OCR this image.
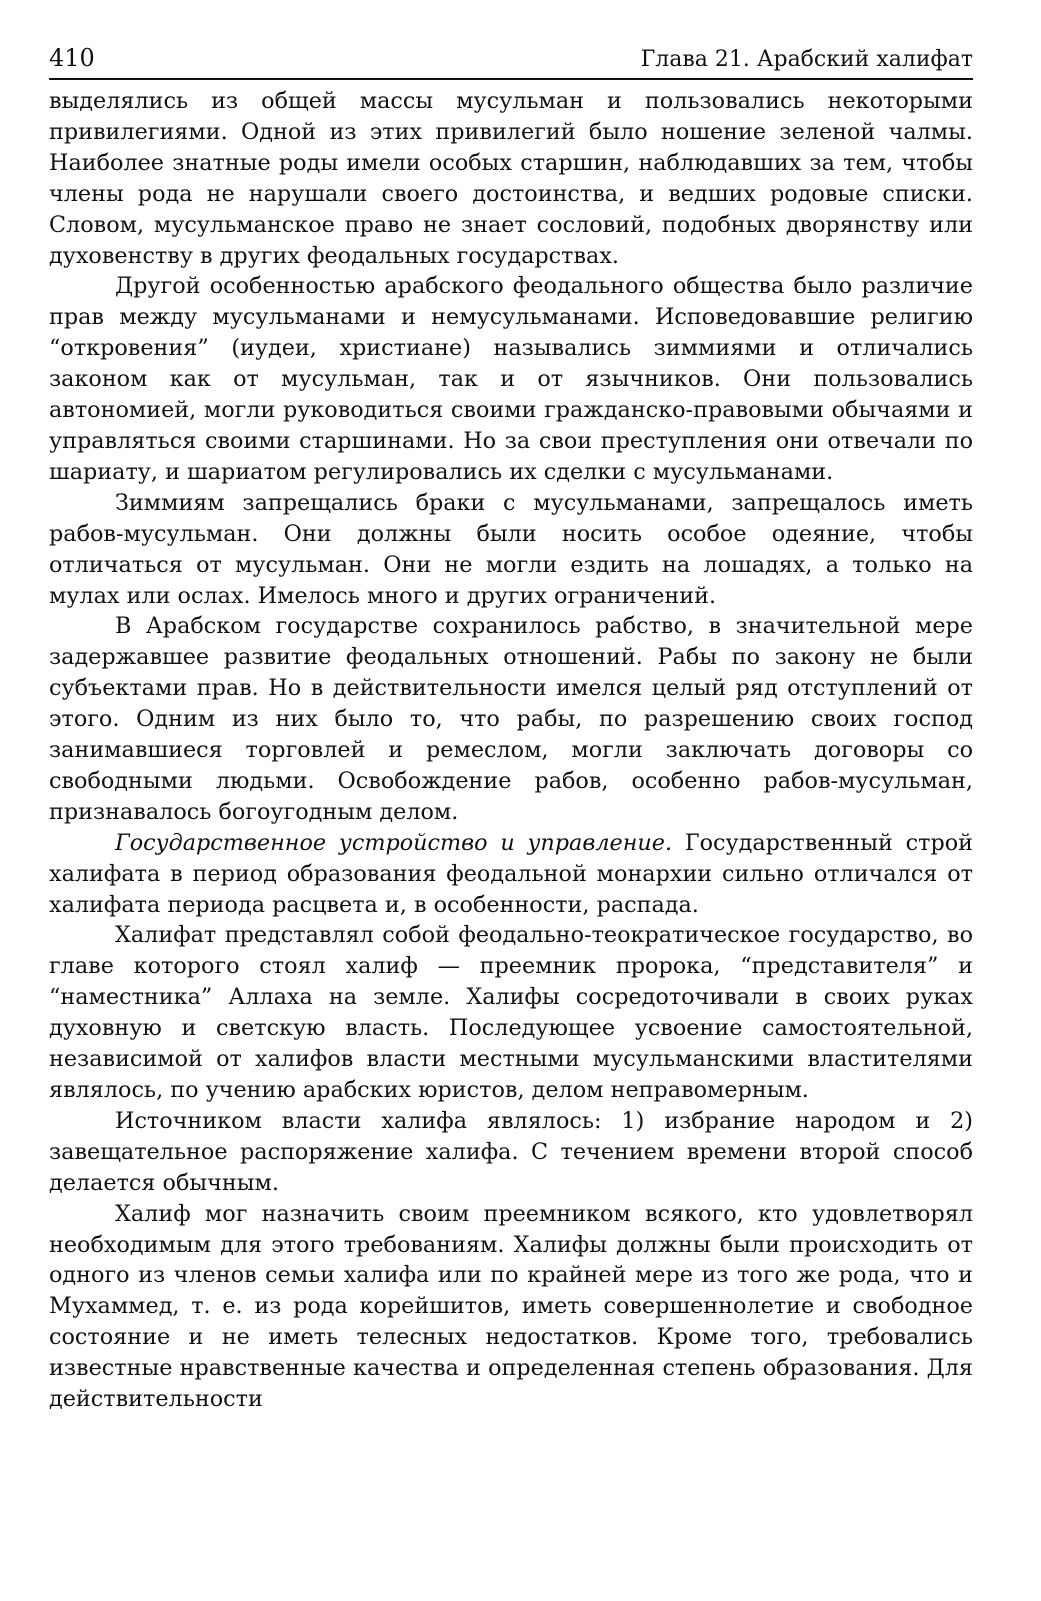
410	Глава 21. Арабский халифат

выделялись из общей массы мусульман и пользовались некоторыми привилегиями. Одной из этих привилегий было ношение зеленой чалмы. Наиболее знатные роды имели особых старшин, наблюдавших за тем, чтобы члены рода не нарушали своего достоинства, и ведших родовые списки. Словом, мусульманское право не знает сословий, подобных дворянству или духовенству в других феодальных государствах.

Другой особенностью арабского феодального общества было различие прав между мусульманами и немусульманами. Исповедовавшие религию “откровения” (иудеи, христиане) назывались зиммиями и отличались законом как от мусульман, так и от язычников. Они пользовались автономией, могли руководиться своими гражданско-правовыми обычаями и управляться своими старшинами. Но за свои преступления они отвечали по шариату, и шариатом регулировались их сделки с мусульманами.

Зиммиям запрещались браки с мусульманами, запрещалось иметь рабов-мусульман. Они должны были носить особое одеяние, чтобы отличаться от мусульман. Они не могли ездить на лошадях, а только на мулах или ослах. Имелось много и других ограничений.

В Арабском государстве сохранилось рабство, в значительной мере задержавшее развитие феодальных отношений. Рабы по закону не были субъектами прав. Но в действительности имелся целый ряд отступлений от этого. Одним из них было то, что рабы, по разрешению своих господ занимавшиеся торговлей и ремеслом, могли заключать договоры со свободными людьми. Освобождение рабов, особенно рабов-мусульман, признавалось богоугодным делом.

Государственное устройство и управление. Государственный строй халифата в период образования феодальной монархии сильно отличался от халифата периода расцвета и, в особенности, распада.

Халифат представлял собой феодально-теократическое государство, во главе которого стоял халиф — преемник пророка, “представителя” и “наместника” Аллаха на земле. Халифы сосредоточивали в своих руках духовную и светскую власть. Последующее усвоение самостоятельной, независимой от халифов власти местными мусульманскими властителями являлось, по учению арабских юристов, делом неправомерным.

Источником власти халифа являлось: 1) избрание народом и 2) завещательное распоряжение халифа. С течением времени второй способ делается обычным.

Халиф мог назначить своим преемником всякого, кто удовлетворял необходимым для этого требованиям. Халифы должны были происходить от одного из членов семьи халифа или по крайней мере из того же рода, что и Мухаммед, т. е. из рода корейшитов, иметь совершеннолетие и свободное состояние и не иметь телесных недостатков. Кроме того, требовались известные нравственные качества и определенная степень образования. Для действительности
